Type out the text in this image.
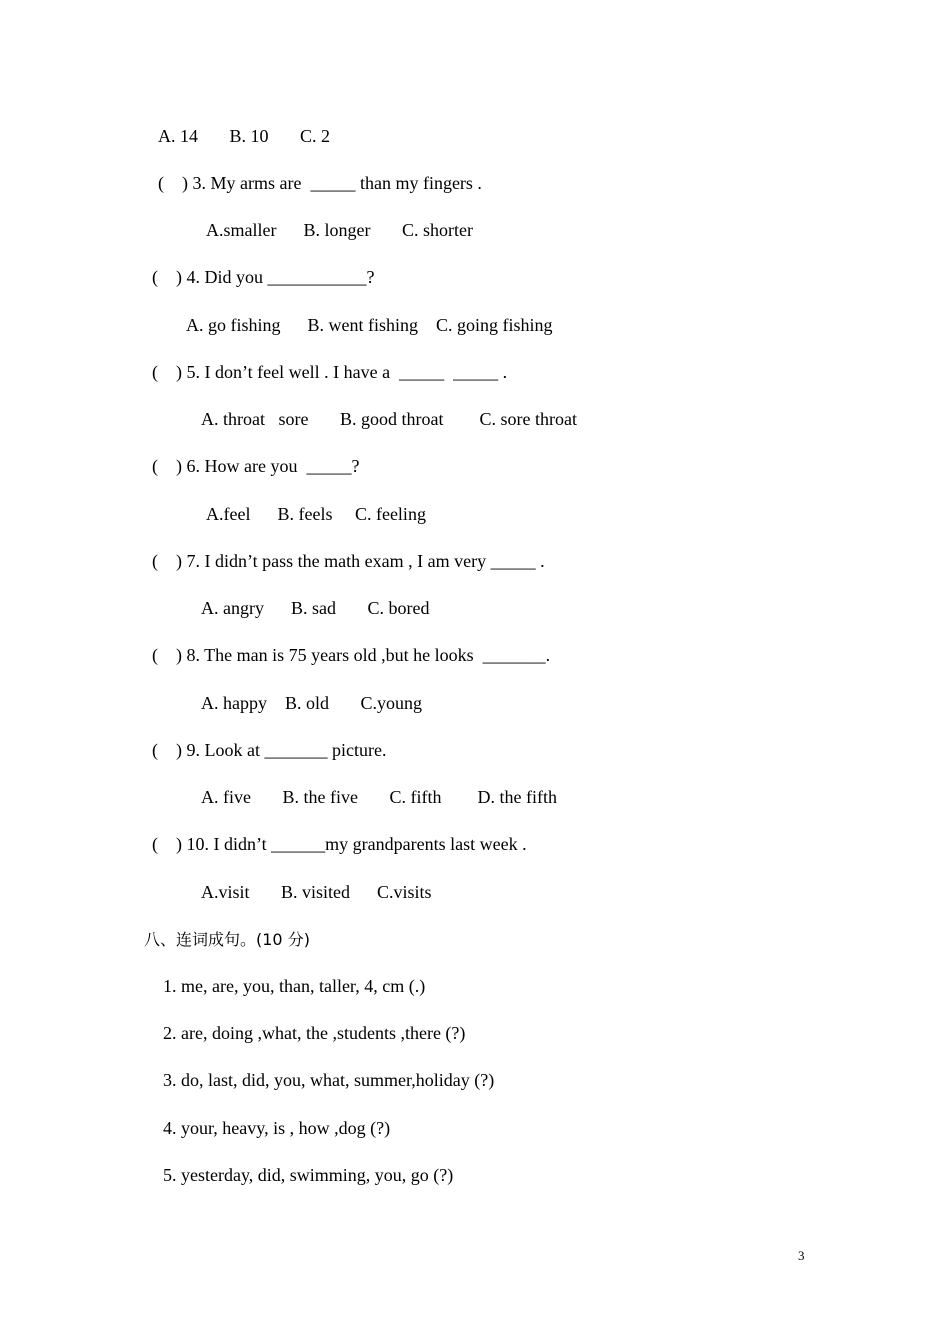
A. 14       B. 10       C. 2
(    ) 3. My arms are  _____ than my fingers .
A.smaller      B. longer       C. shorter
(    ) 4. Did you ___________?
A. go fishing      B. went fishing    C. going fishing
(    ) 5. I don’t feel well . I have a  _____  _____ .
A. throat   sore       B. good throat        C. sore throat
(    ) 6. How are you  _____?
A.feel      B. feels     C. feeling
(    ) 7. I didn’t pass the math exam , I am very _____ .
A. angry      B. sad       C. bored
(    ) 8. The man is 75 years old ,but he looks  _______.
A. happy    B. old       C.young
(    ) 9. Look at _______ picture.
A. five       B. the five       C. fifth        D. the fifth
(    ) 10. I didn’t ______my grandparents last week .
A.visit       B. visited      C.visits
八、连词成句。(10 分)
1. me, are, you, than, taller, 4, cm (.)
2. are, doing ,what, the ,students ,there (?)
3. do, last, did, you, what, summer,holiday (?)
4. your, heavy, is , how ,dog (?)
5. yesterday, did, swimming, you, go (?)
3
